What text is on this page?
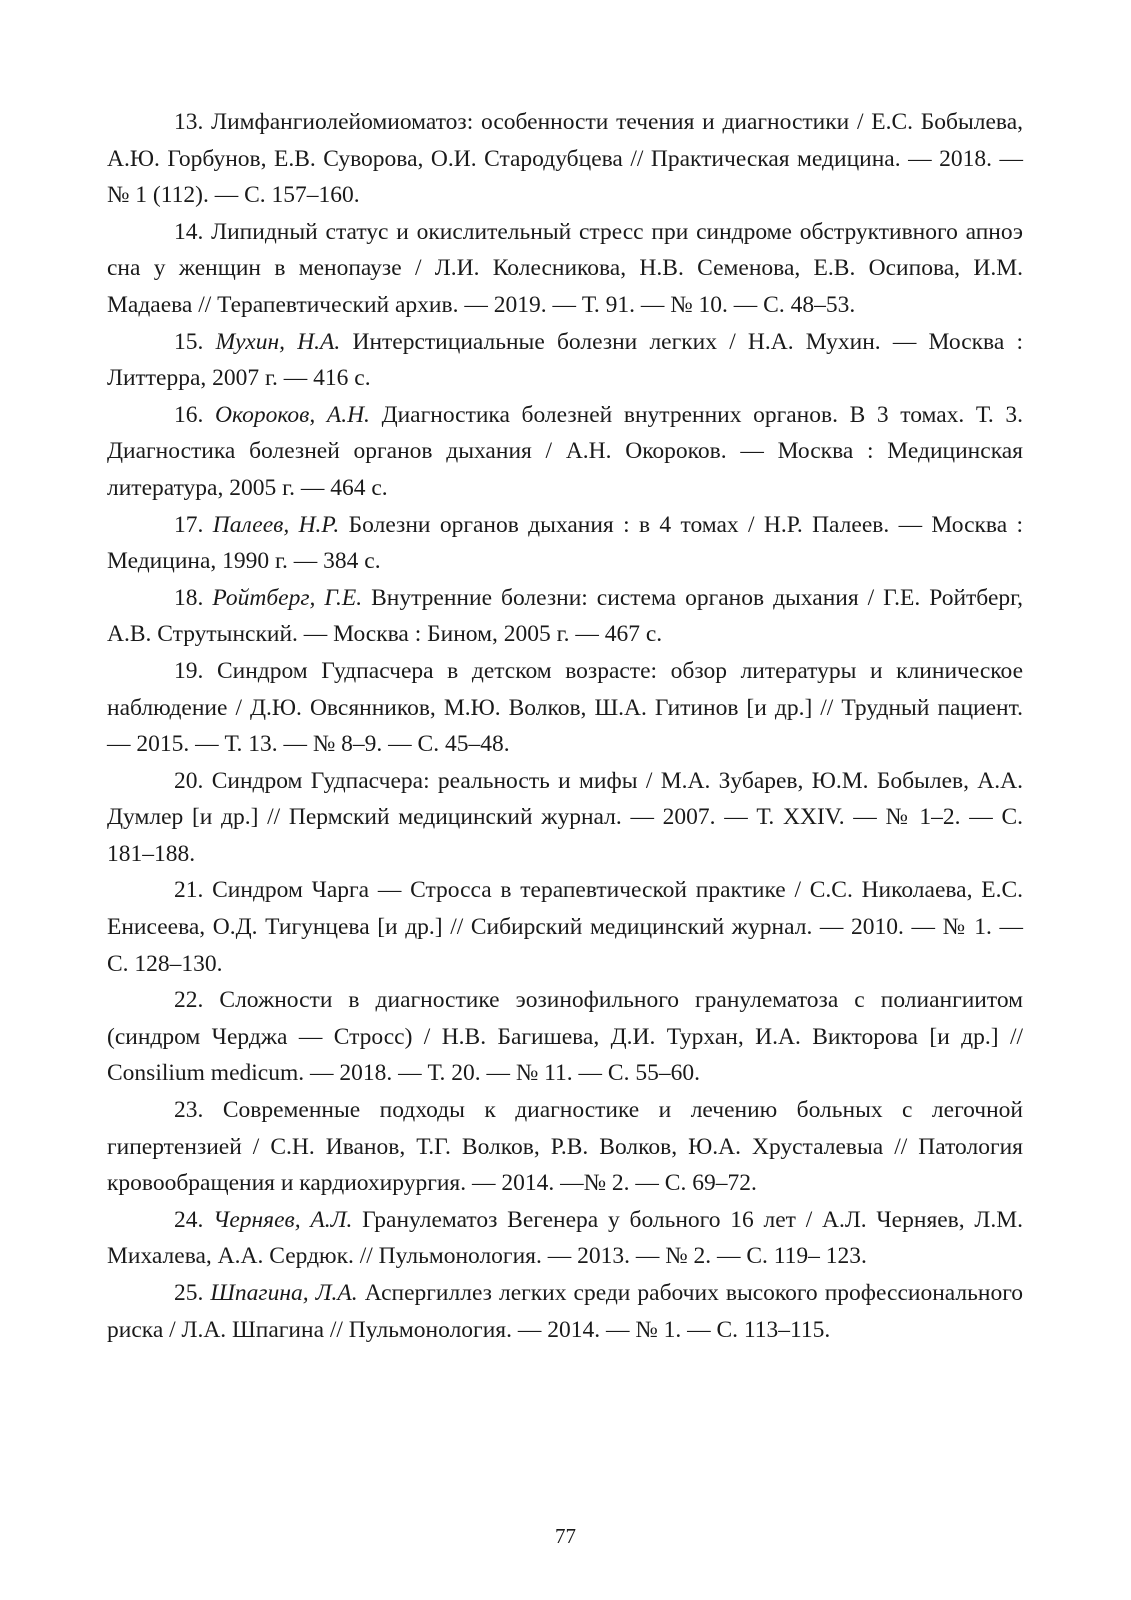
13. Лимфангиолейомиоматоз: особенности течения и диагностики / Е.С. Бобылева, А.Ю. Горбунов, Е.В. Суворова, О.И. Стародубцева // Практическая медицина. — 2018. — № 1 (112). — С. 157–160.

14. Липидный статус и окислительный стресс при синдроме обструктивного апноэ сна у женщин в менопаузе / Л.И. Колесникова, Н.В. Семенова, Е.В. Осипова, И.М. Мадаева // Терапевтический архив. — 2019. — Т. 91. — № 10. — С. 48–53.

15. Мухин, Н.А. Интерстициальные болезни легких / Н.А. Мухин. — Москва : Литтерра, 2007 г. — 416 с.

16. Окороков, А.Н. Диагностика болезней внутренних органов. В 3 томах. Т. 3. Диагностика болезней органов дыхания / А.Н. Окороков. — Москва : Медицинская литература, 2005 г. — 464 с.

17. Палеев, Н.Р. Болезни органов дыхания : в 4 томах / Н.Р. Палеев. — Москва : Медицина, 1990 г. — 384 с.

18. Ройтберг, Г.Е. Внутренние болезни: система органов дыхания / Г.Е. Ройтберг, А.В. Струтынский. — Москва : Бином, 2005 г. — 467 с.

19. Синдром Гудпасчера в детском возрасте: обзор литературы и клиническое наблюдение / Д.Ю. Овсянников, М.Ю. Волков, Ш.А. Гитинов [и др.] // Трудный пациент. — 2015. — Т. 13. — № 8–9. — С. 45–48.

20. Синдром Гудпасчера: реальность и мифы / М.А. Зубарев, Ю.М. Бобылев, А.А. Думлер [и др.] // Пермский медицинский журнал. — 2007. — Т. XXIV. — № 1–2. — С. 181–188.

21. Синдром Чарга — Стросса в терапевтической практике / С.С. Николаева, Е.С. Енисеева, О.Д. Тигунцева [и др.] // Сибирский медицинский журнал. — 2010. — № 1. — С. 128–130.

22. Сложности в диагностике эозинофильного гранулематоза с полиангиитом (синдром Черджа — Стросс) / Н.В. Багишева, Д.И. Турхан, И.А. Викторова [и др.] // Consilium medicum. — 2018. — Т. 20. — № 11. — С. 55–60.

23. Современные подходы к диагностике и лечению больных с легочной гипертензией / С.Н. Иванов, Т.Г. Волков, Р.В. Волков, Ю.А. Хрусталевыа // Патология кровообращения и кардиохирургия. — 2014. —№ 2. — С. 69–72.

24. Черняев, А.Л. Гранулематоз Вегенера у больного 16 лет / А.Л. Черняев, Л.М. Михалева, А.А. Сердюк. // Пульмонология. — 2013. — № 2. — С. 119– 123.

25. Шпагина, Л.А. Аспергиллез легких среди рабочих высокого профессионального риска / Л.А. Шпагина // Пульмонология. — 2014. — № 1. — С. 113–115.

77
